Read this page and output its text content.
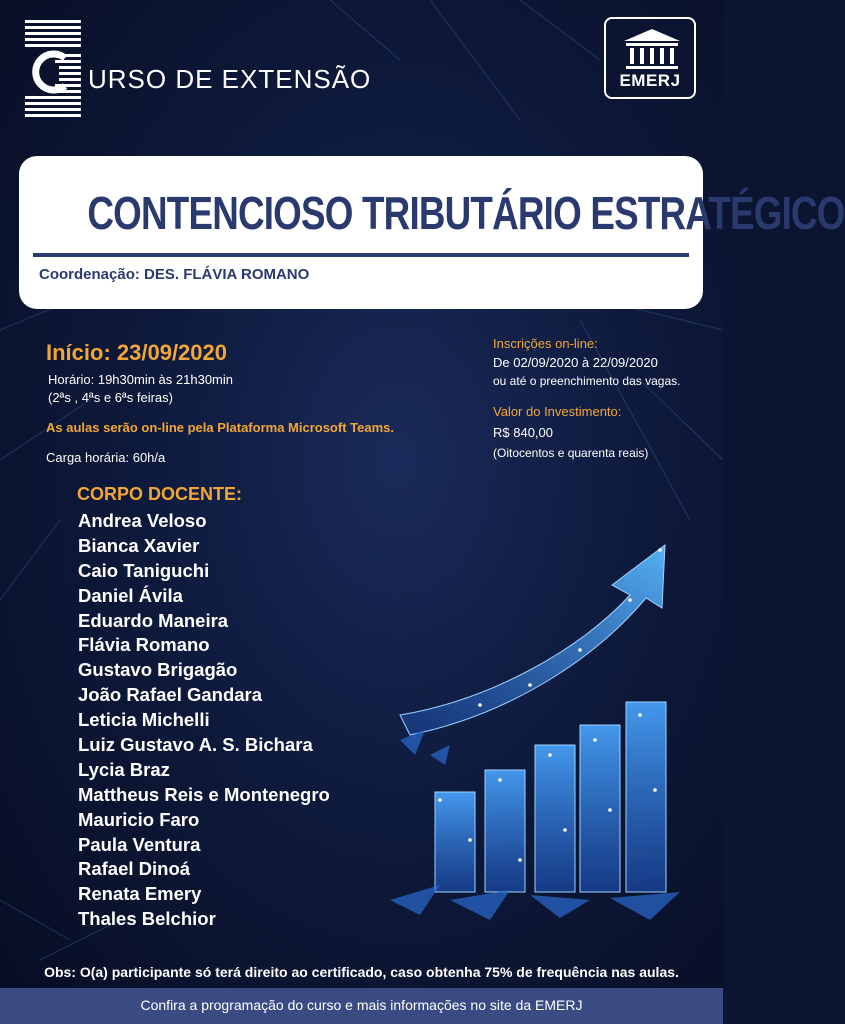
URSO DE EXTENSÃO	EMERJ
CONTENCIOSO TRIBUTÁRIO ESTRATÉGICO
Coordenação: DES. FLÁVIA ROMANO
Início: 23/09/2020
Horário: 19h30min às 21h30min
(2ªs , 4ªs e 6ªs feiras)
As aulas serão on-line pela Plataforma Microsoft Teams.
Carga horária: 60h/a
Inscrições on-line:
De 02/09/2020 à 22/09/2020
ou até o preenchimento das vagas.
Valor do Investimento:
R$ 840,00
(Oitocentos e quarenta reais)
CORPO DOCENTE:
Andrea Veloso
Bianca Xavier
Caio Taniguchi
Daniel Ávila
Eduardo Maneira
Flávia Romano
Gustavo Brigagão
João Rafael Gandara
Leticia Michelli
Luiz Gustavo A. S. Bichara
Lycia Braz
Mattheus Reis e Montenegro
Mauricio Faro
Paula Ventura
Rafael Dinoá
Renata Emery
Thales Belchior
Obs: O(a) participante só terá direito ao certificado, caso obtenha 75% de frequência nas aulas.
Confira a programação do curso e mais informações no site da EMERJ
